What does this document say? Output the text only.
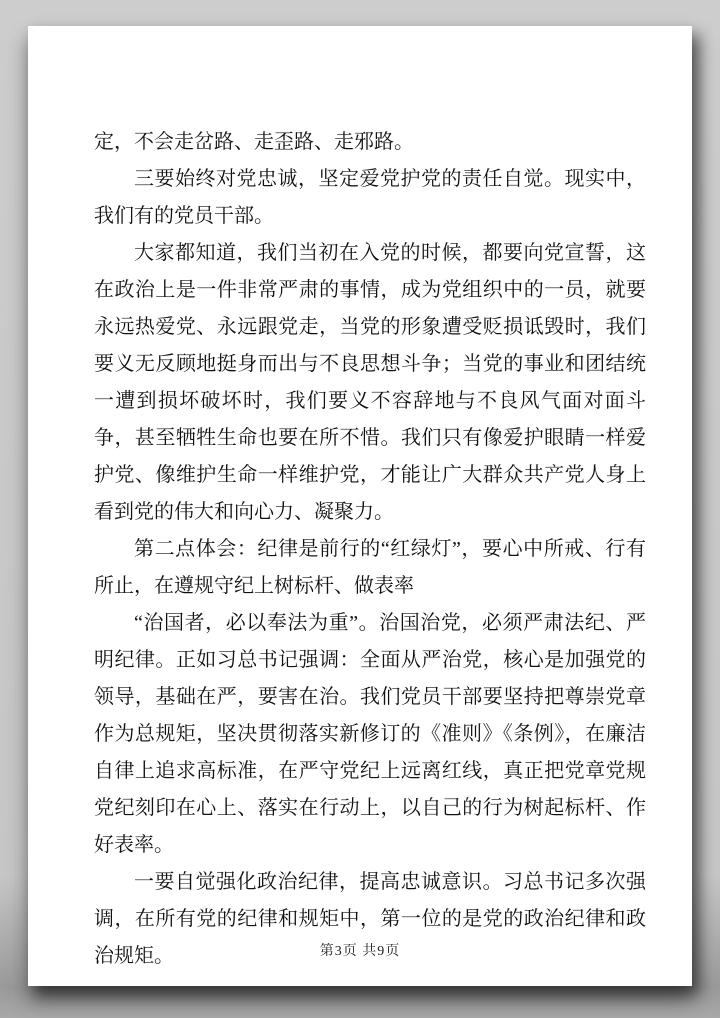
定，不会走岔路、走歪路、走邪路。

三要始终对党忠诚，坚定爱党护党的责任自觉。现实中，我们有的党员干部。

大家都知道，我们当初在入党的时候，都要向党宣誓，这在政治上是一件非常严肃的事情，成为党组织中的一员，就要永远热爱党、永远跟党走，当党的形象遭受贬损诋毁时，我们要义无反顾地挺身而出与不良思想斗争；当党的事业和团结统一遭到损坏破坏时，我们要义不容辞地与不良风气面对面斗争，甚至牺牲生命也要在所不惜。我们只有像爱护眼睛一样爱护党、像维护生命一样维护党，才能让广大群众共产党人身上看到党的伟大和向心力、凝聚力。

第二点体会：纪律是前行的“红绿灯”，要心中所戒、行有所止，在遵规守纪上树标杆、做表率

“治国者，必以奉法为重”。治国治党，必须严肃法纪、严明纪律。正如习总书记强调：全面从严治党，核心是加强党的领导，基础在严，要害在治。我们党员干部要坚持把尊崇党章作为总规矩，坚决贯彻落实新修订的《准则》《条例》，在廉洁自律上追求高标准，在严守党纪上远离红线，真正把党章党规党纪刻印在心上、落实在行动上，以自己的行为树起标杆、作好表率。

一要自觉强化政治纪律，提高忠诚意识。习总书记多次强调，在所有党的纪律和规矩中，第一位的是党的政治纪律和政治规矩。	第3页 共9页
